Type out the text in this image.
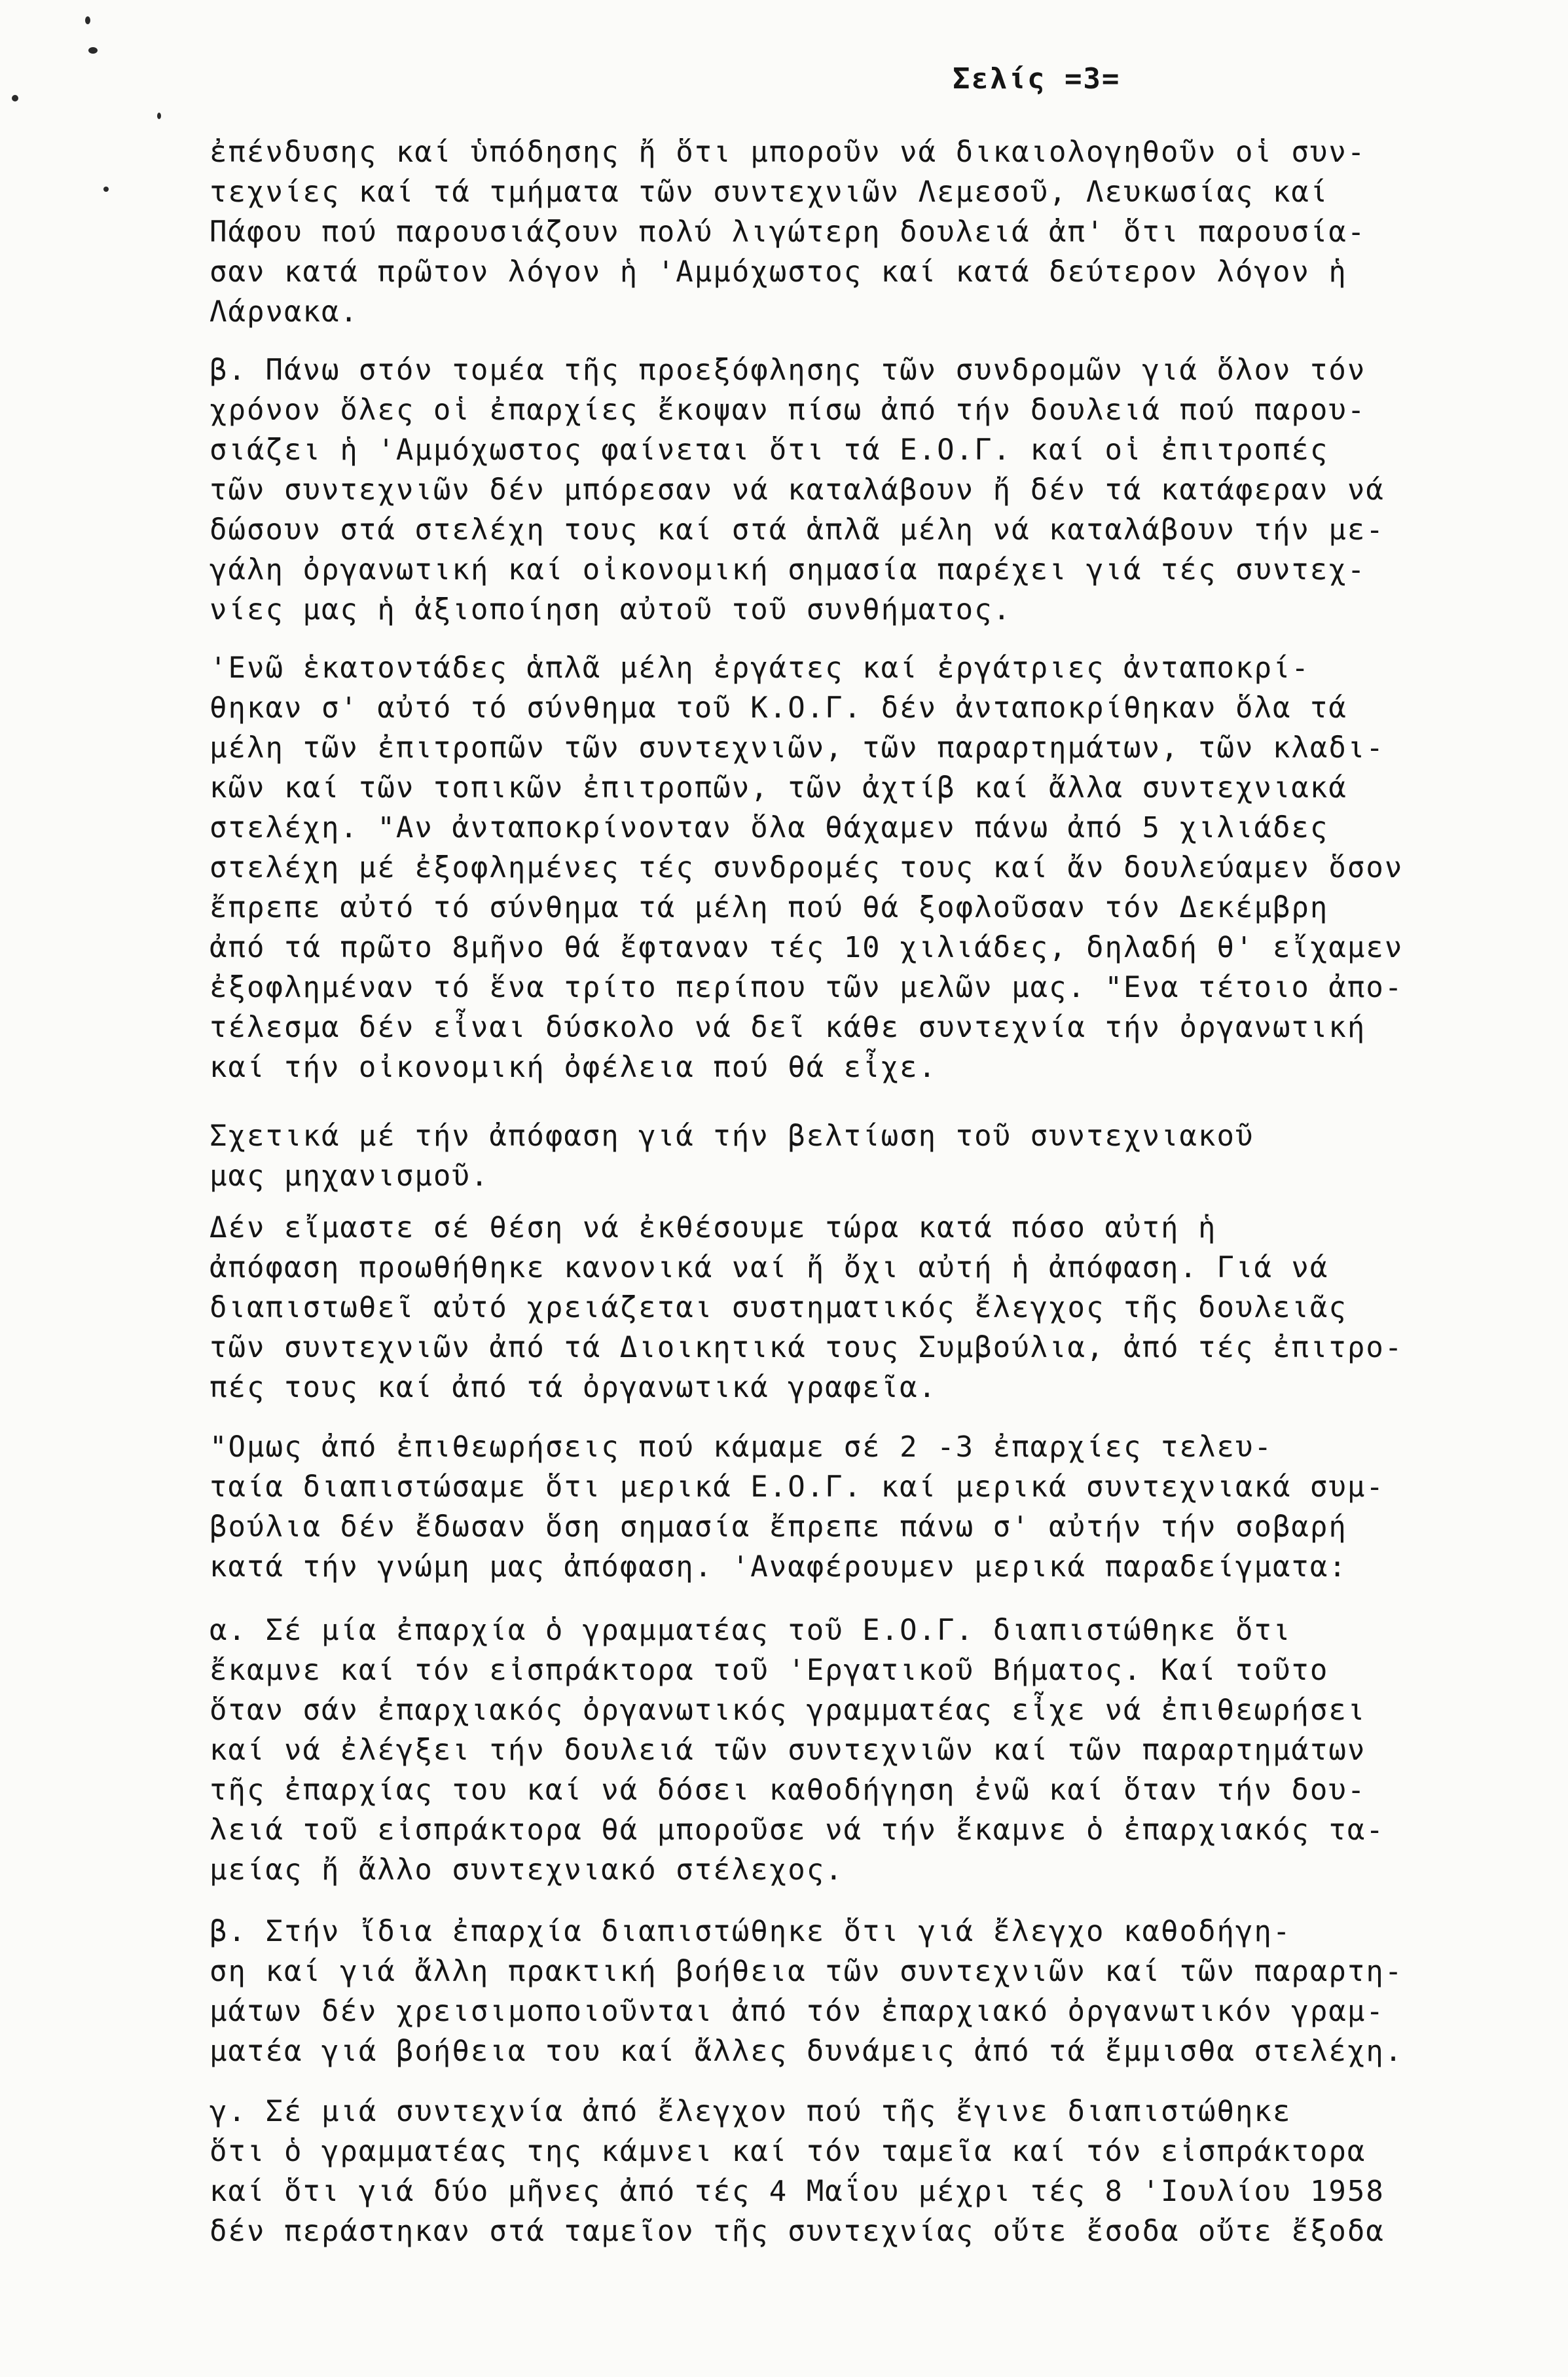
Σελίς =3=

ἐπένδυσης καί ὑπόδησης ἤ ὅτι μποροῦν νά δικαιολογηθοῦν οἱ συν-
τεχνίες καί τά τμήματα τῶν συντεχνιῶν Λεμεσοῦ, Λευκωσίας καί
Πάφου πού παρουσιάζουν πολύ λιγώτερη δουλειά ἀπ' ὅτι παρουσία-
σαν κατά πρῶτον λόγον ἡ 'Αμμόχωστος καί κατά δεύτερον λόγον ἡ
Λάρνακα.

β. Πάνω στόν τομέα τῆς προεξόφλησης τῶν συνδρομῶν γιά ὅλον τόν
χρόνον ὅλες οἱ ἐπαρχίες ἔκοψαν πίσω ἀπό τήν δουλειά πού παρου-
σιάζει ἡ 'Αμμόχωστος φαίνεται ὅτι τά Ε.Ο.Γ. καί οἱ ἐπιτροπές
τῶν συντεχνιῶν δέν μπόρεσαν νά καταλάβουν ἤ δέν τά κατάφεραν νά
δώσουν στά στελέχη τους καί στά ἁπλᾶ μέλη νά καταλάβουν τήν με-
γάλη ὀργανωτική καί οἰκονομική σημασία παρέχει γιά τές συντεχ-
νίες μας ἡ ἀξιοποίηση αὐτοῦ τοῦ συνθήματος.

'Ενῶ ἑκατοντάδες ἁπλᾶ μέλη ἐργάτες καί ἐργάτριες ἀνταποκρί-
θηκαν σ' αὐτό τό σύνθημα τοῦ Κ.Ο.Γ. δέν ἀνταποκρίθηκαν ὅλα τά
μέλη τῶν ἐπιτροπῶν τῶν συντεχνιῶν, τῶν παραρτημάτων, τῶν κλαδι-
κῶν καί τῶν τοπικῶν ἐπιτροπῶν, τῶν ἀχτίβ καί ἄλλα συντεχνιακά
στελέχη. "Αν ἀνταποκρίνονταν ὅλα θάχαμεν πάνω ἀπό 5 χιλιάδες
στελέχη μέ ἐξοφλημένες τές συνδρομές τους καί ἄν δουλεύαμεν ὅσον
ἔπρεπε αὐτό τό σύνθημα τά μέλη πού θά ξοφλοῦσαν τόν Δεκέμβρη
ἀπό τά πρῶτο 8μῆνο θά ἔφταναν τές 10 χιλιάδες, δηλαδή θ' εἴχαμεν
ἐξοφλημέναν τό ἕνα τρίτο περίπου τῶν μελῶν μας. "Ενα τέτοιο ἀπο-
τέλεσμα δέν εἶναι δύσκολο νά δεῖ κάθε συντεχνία τήν ὀργανωτική
καί τήν οἰκονομική ὀφέλεια πού θά εἶχε.

Σχετικά μέ τήν ἀπόφαση γιά τήν βελτίωση τοῦ συντεχνιακοῦ
μας μηχανισμοῦ.

Δέν εἴμαστε σέ θέση νά ἐκθέσουμε τώρα κατά πόσο αὐτή ἡ
ἀπόφαση προωθήθηκε κανονικά ναί ἤ ὄχι αὐτή ἡ ἀπόφαση. Γιά νά
διαπιστωθεῖ αὐτό χρειάζεται συστηματικός ἔλεγχος τῆς δουλειᾶς
τῶν συντεχνιῶν ἀπό τά Διοικητικά τους Συμβούλια, ἀπό τές ἐπιτρο-
πές τους καί ἀπό τά ὀργανωτικά γραφεῖα.

"Ομως ἀπό ἐπιθεωρήσεις πού κάμαμε σέ 2 -3 ἐπαρχίες τελευ-
ταία διαπιστώσαμε ὅτι μερικά Ε.Ο.Γ. καί μερικά συντεχνιακά συμ-
βούλια δέν ἔδωσαν ὅση σημασία ἔπρεπε πάνω σ' αὐτήν τήν σοβαρή
κατά τήν γνώμη μας ἀπόφαση. 'Αναφέρουμεν μερικά παραδείγματα:

α. Σέ μία ἐπαρχία ὁ γραμματέας τοῦ Ε.Ο.Γ. διαπιστώθηκε ὅτι
ἔκαμνε καί τόν εἰσπράκτορα τοῦ 'Εργατικοῦ Βήματος. Καί τοῦτο
ὅταν σάν ἐπαρχιακός ὀργανωτικός γραμματέας εἶχε νά ἐπιθεωρήσει
καί νά ἐλέγξει τήν δουλειά τῶν συντεχνιῶν καί τῶν παραρτημάτων
τῆς ἐπαρχίας του καί νά δόσει καθοδήγηση ἐνῶ καί ὅταν τήν δου-
λειά τοῦ εἰσπράκτορα θά μποροῦσε νά τήν ἔκαμνε ὁ ἐπαρχιακός τα-
μείας ἤ ἄλλο συντεχνιακό στέλεχος.

β. Στήν ἴδια ἐπαρχία διαπιστώθηκε ὅτι γιά ἔλεγχο καθοδήγη-
ση καί γιά ἄλλη πρακτική βοήθεια τῶν συντεχνιῶν καί τῶν παραρτη-
μάτων δέν χρεισιμοποιοῦνται ἀπό τόν ἐπαρχιακό ὀργανωτικόν γραμ-
ματέα γιά βοήθεια του καί ἄλλες δυνάμεις ἀπό τά ἔμμισθα στελέχη.

γ. Σέ μιά συντεχνία ἀπό ἔλεγχον πού τῆς ἔγινε διαπιστώθηκε
ὅτι ὁ γραμματέας της κάμνει καί τόν ταμεῖα καί τόν εἰσπράκτορα
καί ὅτι γιά δύο μῆνες ἀπό τές 4 Μαΐου μέχρι τές 8 'Ιουλίου 1958
δέν περάστηκαν στά ταμεῖον τῆς συντεχνίας οὔτε ἔσοδα οὔτε ἔξοδα
